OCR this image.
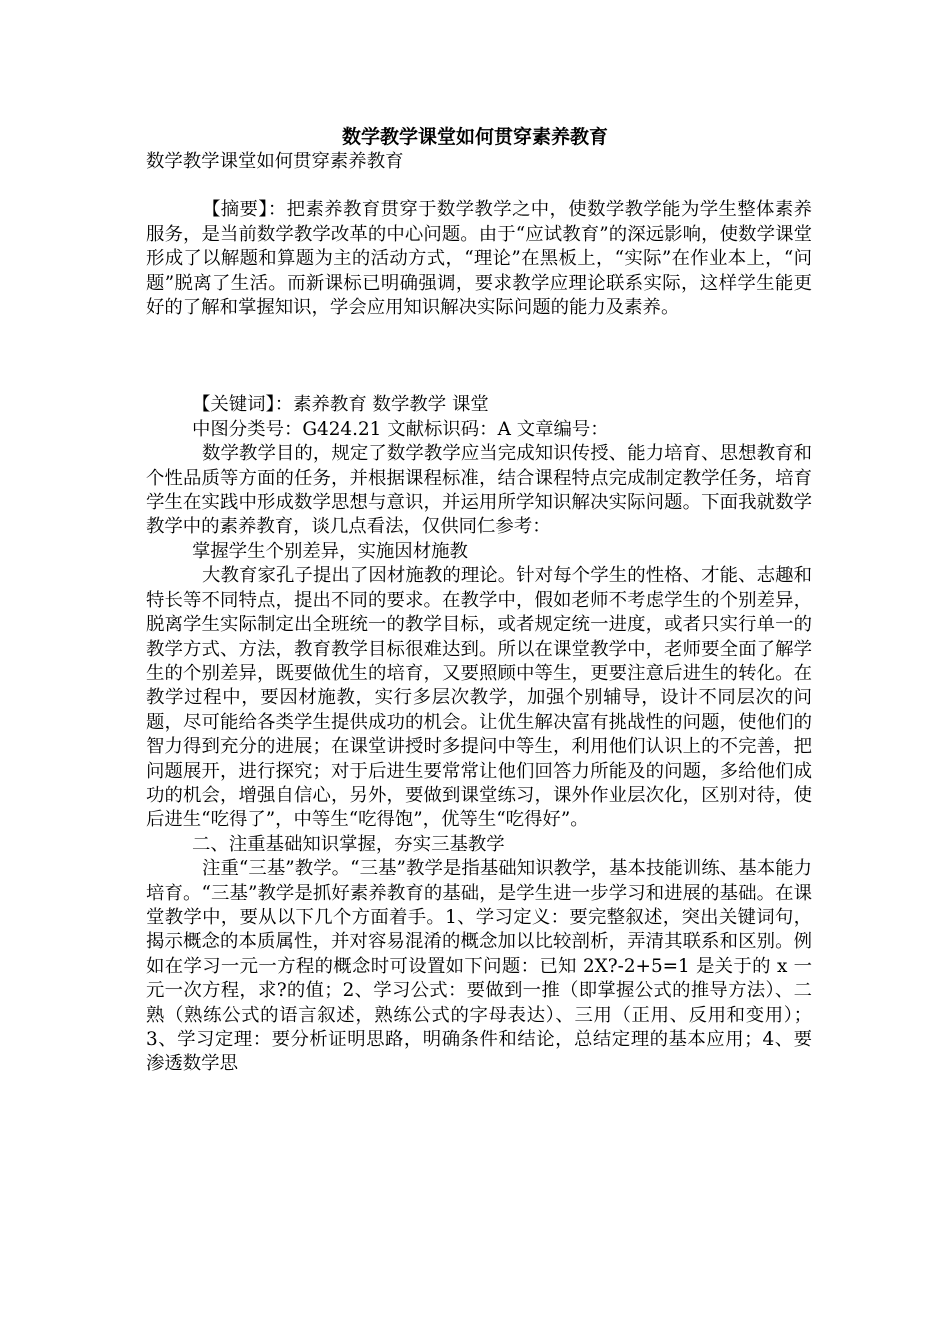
数学教学课堂如何贯穿素养教育

数学教学课堂如何贯穿素养教育

【摘要】：把素养教育贯穿于数学教学之中，使数学教学能为学生整体素养服务，是当前数学教学改革的中心问题。由于“应试教育”的深远影响，使数学课堂形成了以解题和算题为主的活动方式，“理论”在黑板上，“实际”在作业本上，“问题”脱离了生活。而新课标已明确强调，要求教学应理论联系实际，这样学生能更好的了解和掌握知识，学会应用知识解决实际问题的能力及素养。

【关键词】：素养教育 数学教学 课堂

中图分类号：G424.21 文献标识码：A 文章编号：

数学教学目的，规定了数学教学应当完成知识传授、能力培育、思想教育和个性品质等方面的任务，并根据课程标准，结合课程特点完成制定教学任务，培育学生在实践中形成数学思想与意识，并运用所学知识解决实际问题。下面我就数学教学中的素养教育，谈几点看法，仅供同仁参考：

掌握学生个别差异，实施因材施教

大教育家孔子提出了因材施教的理论。针对每个学生的性格、才能、志趣和特长等不同特点，提出不同的要求。在教学中，假如老师不考虑学生的个别差异，脱离学生实际制定出全班统一的教学目标，或者规定统一进度，或者只实行单一的教学方式、方法，教育教学目标很难达到。所以在课堂教学中，老师要全面了解学生的个别差异，既要做优生的培育，又要照顾中等生，更要注意后进生的转化。在教学过程中，要因材施教，实行多层次教学，加强个别辅导，设计不同层次的问题，尽可能给各类学生提供成功的机会。让优生解决富有挑战性的问题，使他们的智力得到充分的进展；在课堂讲授时多提问中等生，利用他们认识上的不完善，把问题展开，进行探究；对于后进生要常常让他们回答力所能及的问题，多给他们成功的机会，增强自信心，另外，要做到课堂练习，课外作业层次化，区别对待，使后进生“吃得了”，中等生“吃得饱”，优等生“吃得好”。

二、注重基础知识掌握，夯实三基教学

注重“三基”教学。“三基”教学是指基础知识教学，基本技能训练、基本能力培育。“三基”教学是抓好素养教育的基础，是学生进一步学习和进展的基础。在课堂教学中，要从以下几个方面着手。1、学习定义：要完整叙述，突出关键词句，揭示概念的本质属性，并对容易混淆的概念加以比较剖析，弄清其联系和区别。例如在学习一元一方程的概念时可设置如下问题：已知 2X?-2+5=1 是关于的 x 一元一次方程，求?的值；2、学习公式：要做到一推（即掌握公式的推导方法）、二熟（熟练公式的语言叙述，熟练公式的字母表达）、三用（正用、反用和变用）；3、学习定理：要分析证明思路，明确条件和结论，总结定理的基本应用；4、要渗透数学思
